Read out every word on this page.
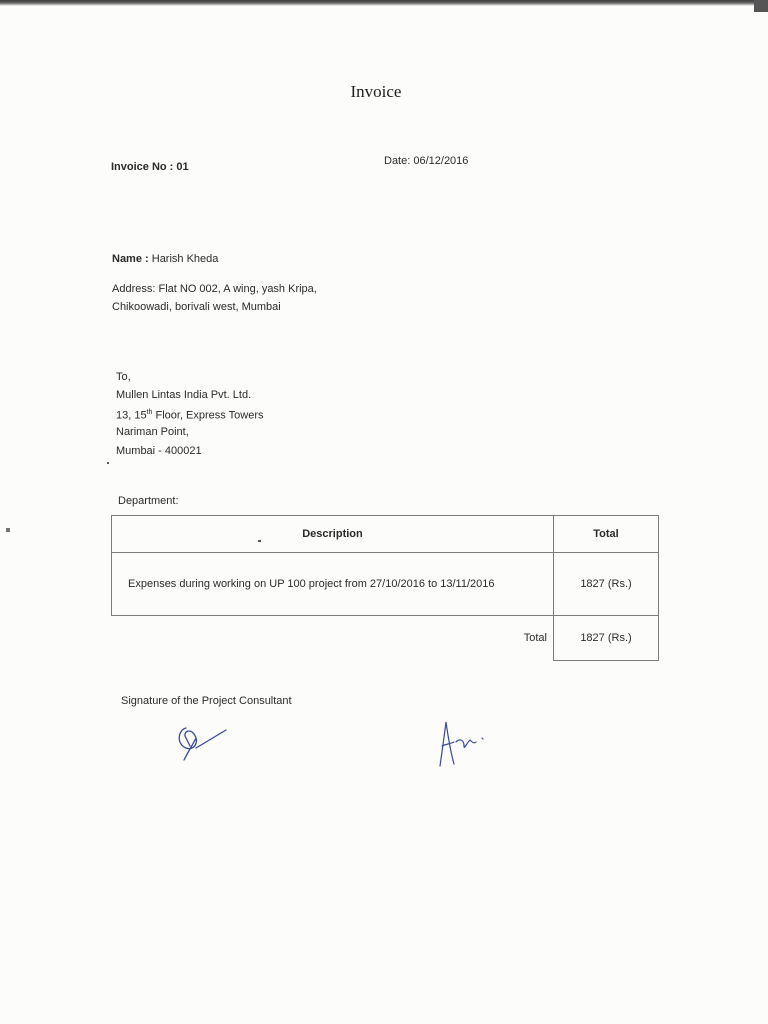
Invoice
Invoice No : 01	Date: 06/12/2016
Name : Harish Kheda
Address: Flat NO 002, A wing, yash Kripa,
Chikoowadi, borivali west, Mumbai
To,
Mullen Lintas India Pvt. Ltd.
13, 15th Floor, Express Towers
Nariman Point,
Mumbai - 400021
Department:
Description	Total
Expenses during working on UP 100 project from 27/10/2016 to 13/11/2016	1827 (Rs.)
Total	1827 (Rs.)
Signature of the Project Consultant
